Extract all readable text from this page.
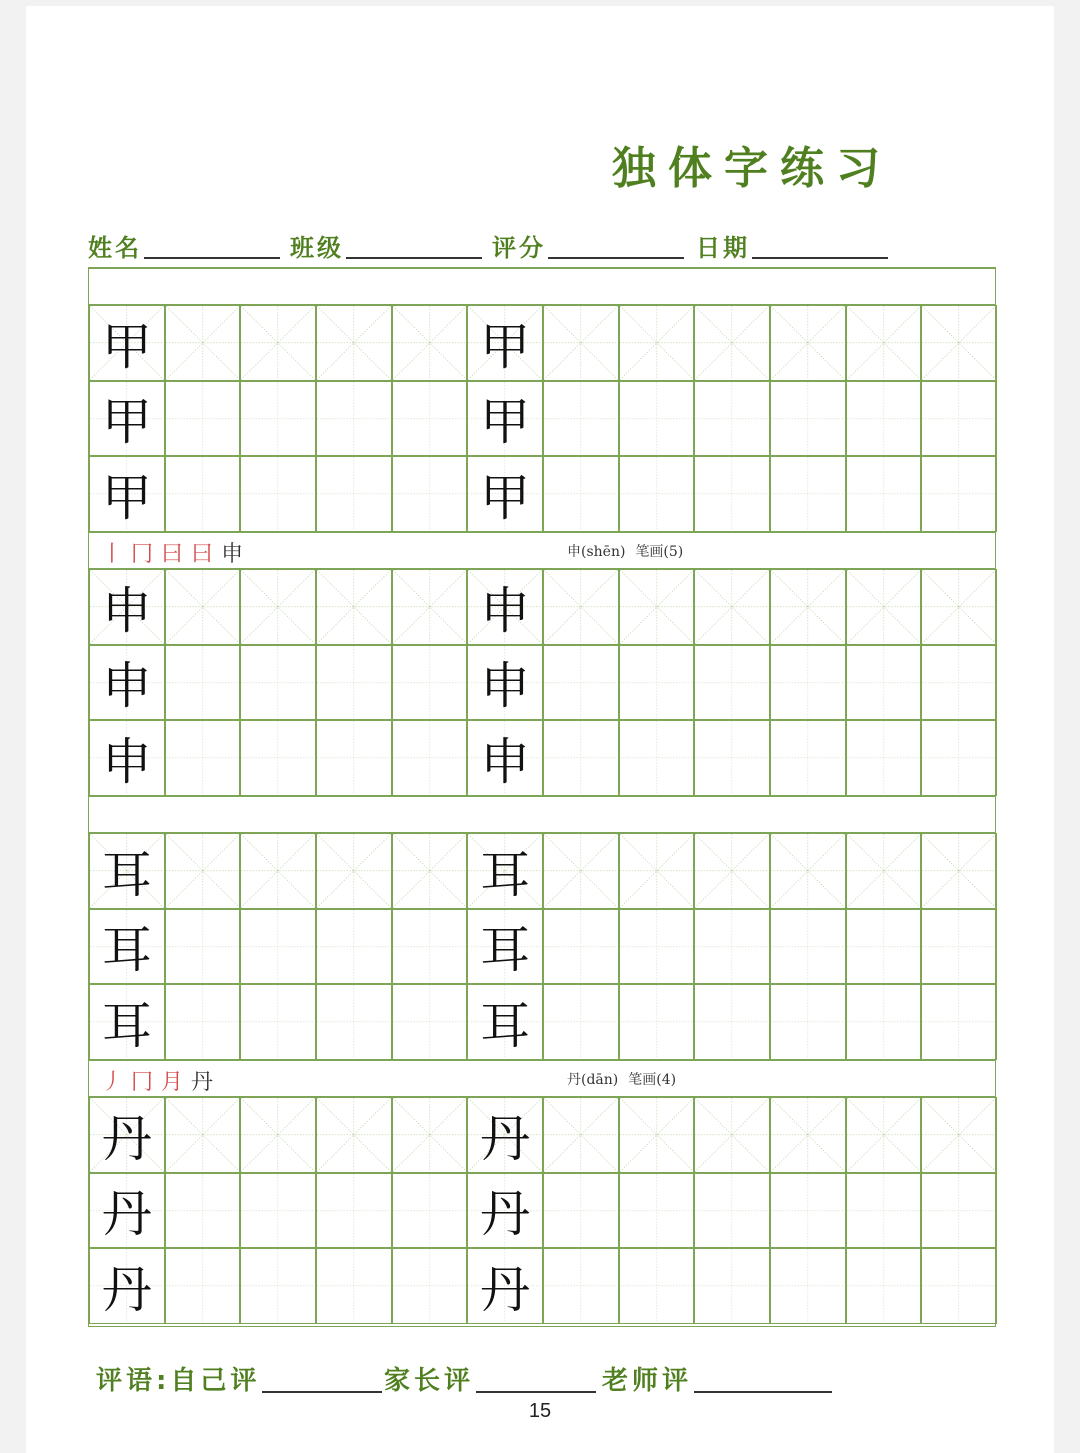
独体字练习
姓名	班级	评分	日期
甲	甲
甲	甲
甲	甲
丨 冂 曰 曰 申	申(shēn) 笔画(5)
申	申
申	申
申	申
耳	耳
耳	耳
耳	耳
丿 冂 月 丹	丹(dān) 笔画(4)
丹	丹
丹	丹
丹	丹
评语:自己评	家长评	老师评
15
